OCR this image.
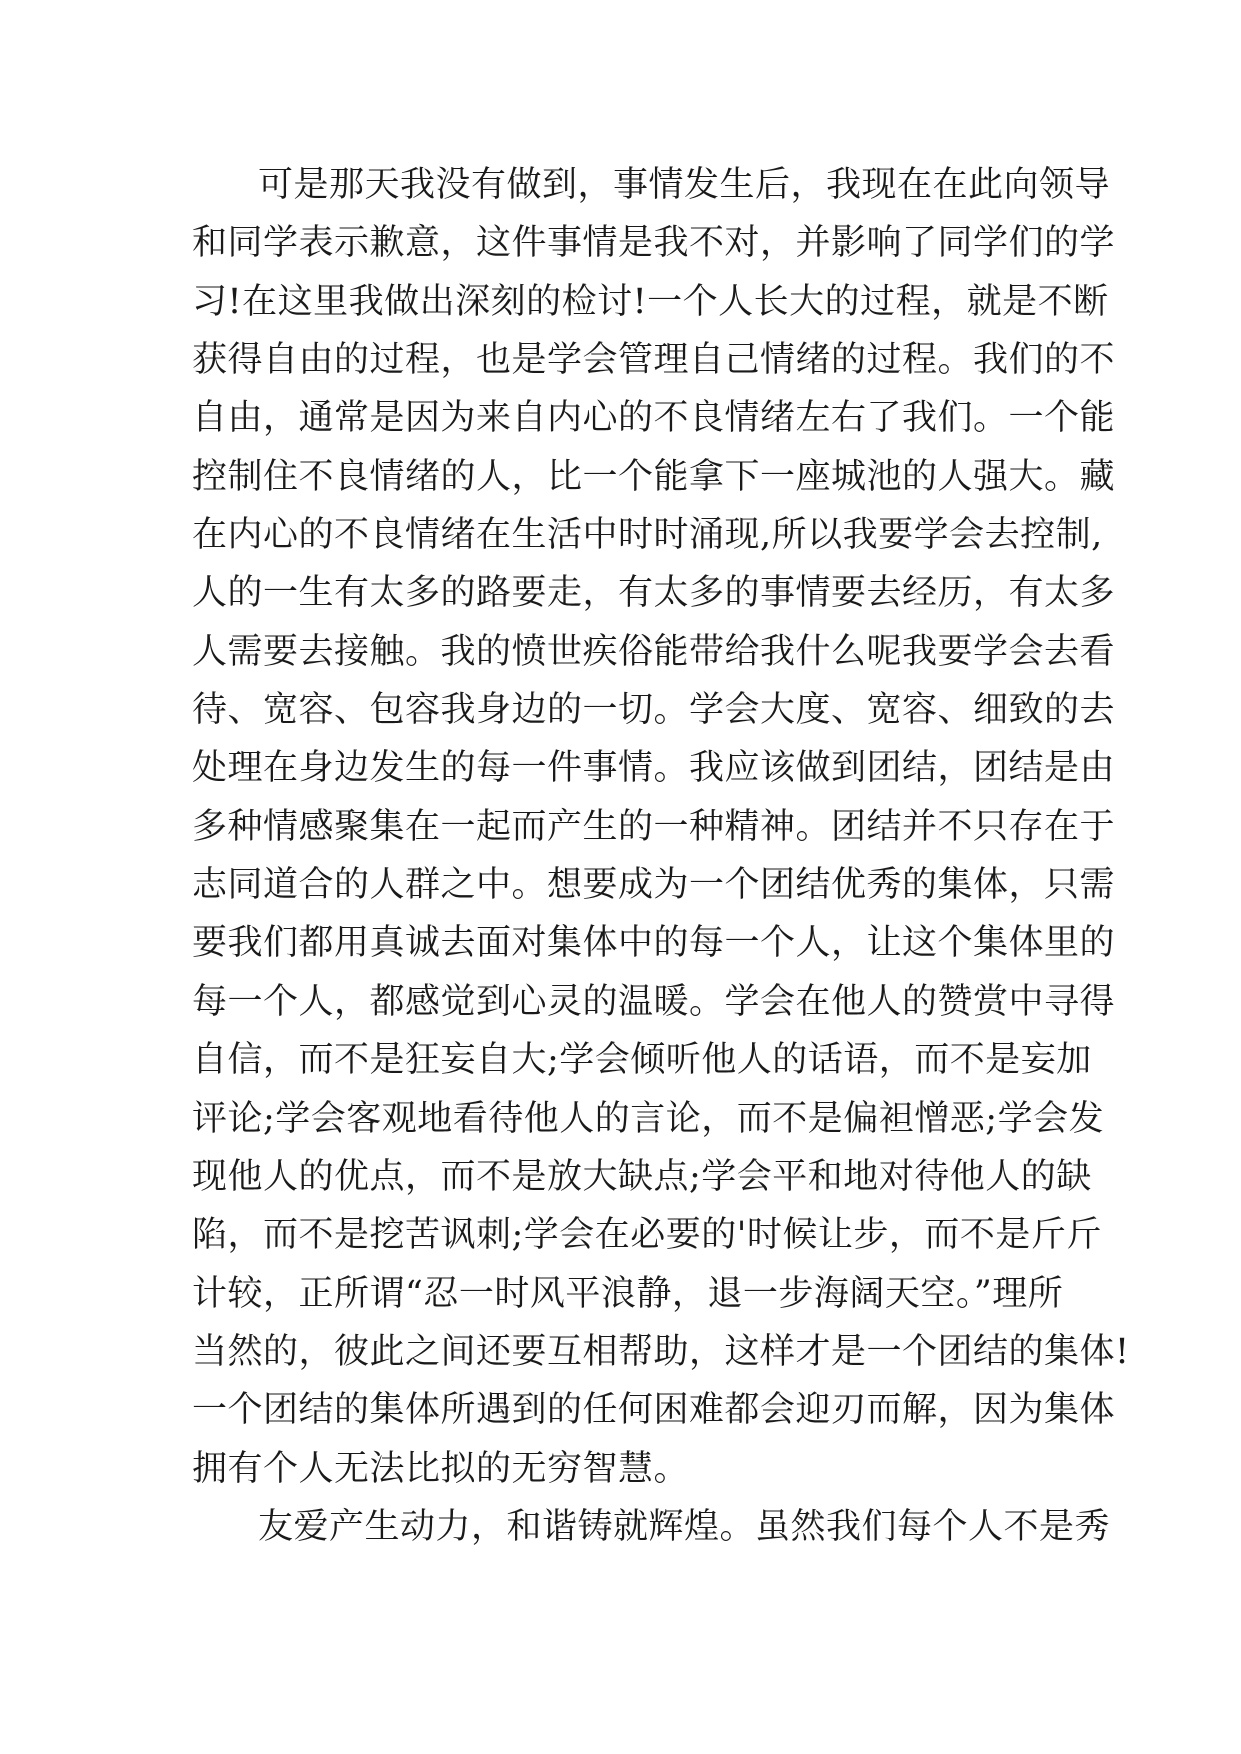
可是那天我没有做到，事情发生后，我现在在此向领导
和同学表示歉意，这件事情是我不对，并影响了同学们的学
习!在这里我做出深刻的检讨!一个人长大的过程，就是不断
获得自由的过程，也是学会管理自己情绪的过程。我们的不
自由，通常是因为来自内心的不良情绪左右了我们。一个能
控制住不良情绪的人，比一个能拿下一座城池的人强大。藏
在内心的不良情绪在生活中时时涌现,所以我要学会去控制,
人的一生有太多的路要走，有太多的事情要去经历，有太多
人需要去接触。我的愤世疾俗能带给我什么呢我要学会去看
待、宽容、包容我身边的一切。学会大度、宽容、细致的去
处理在身边发生的每一件事情。我应该做到团结，团结是由
多种情感聚集在一起而产生的一种精神。团结并不只存在于
志同道合的人群之中。想要成为一个团结优秀的集体，只需
要我们都用真诚去面对集体中的每一个人，让这个集体里的
每一个人，都感觉到心灵的温暖。学会在他人的赞赏中寻得
自信，而不是狂妄自大;学会倾听他人的话语，而不是妄加
评论;学会客观地看待他人的言论，而不是偏袒憎恶;学会发
现他人的优点，而不是放大缺点;学会平和地对待他人的缺
陷，而不是挖苦讽刺;学会在必要的'时候让步，而不是斤斤
计较，正所谓“忍一时风平浪静，退一步海阔天空。”理所
当然的，彼此之间还要互相帮助，这样才是一个团结的集体!
一个团结的集体所遇到的任何困难都会迎刃而解，因为集体
拥有个人无法比拟的无穷智慧。
友爱产生动力，和谐铸就辉煌。虽然我们每个人不是秀
